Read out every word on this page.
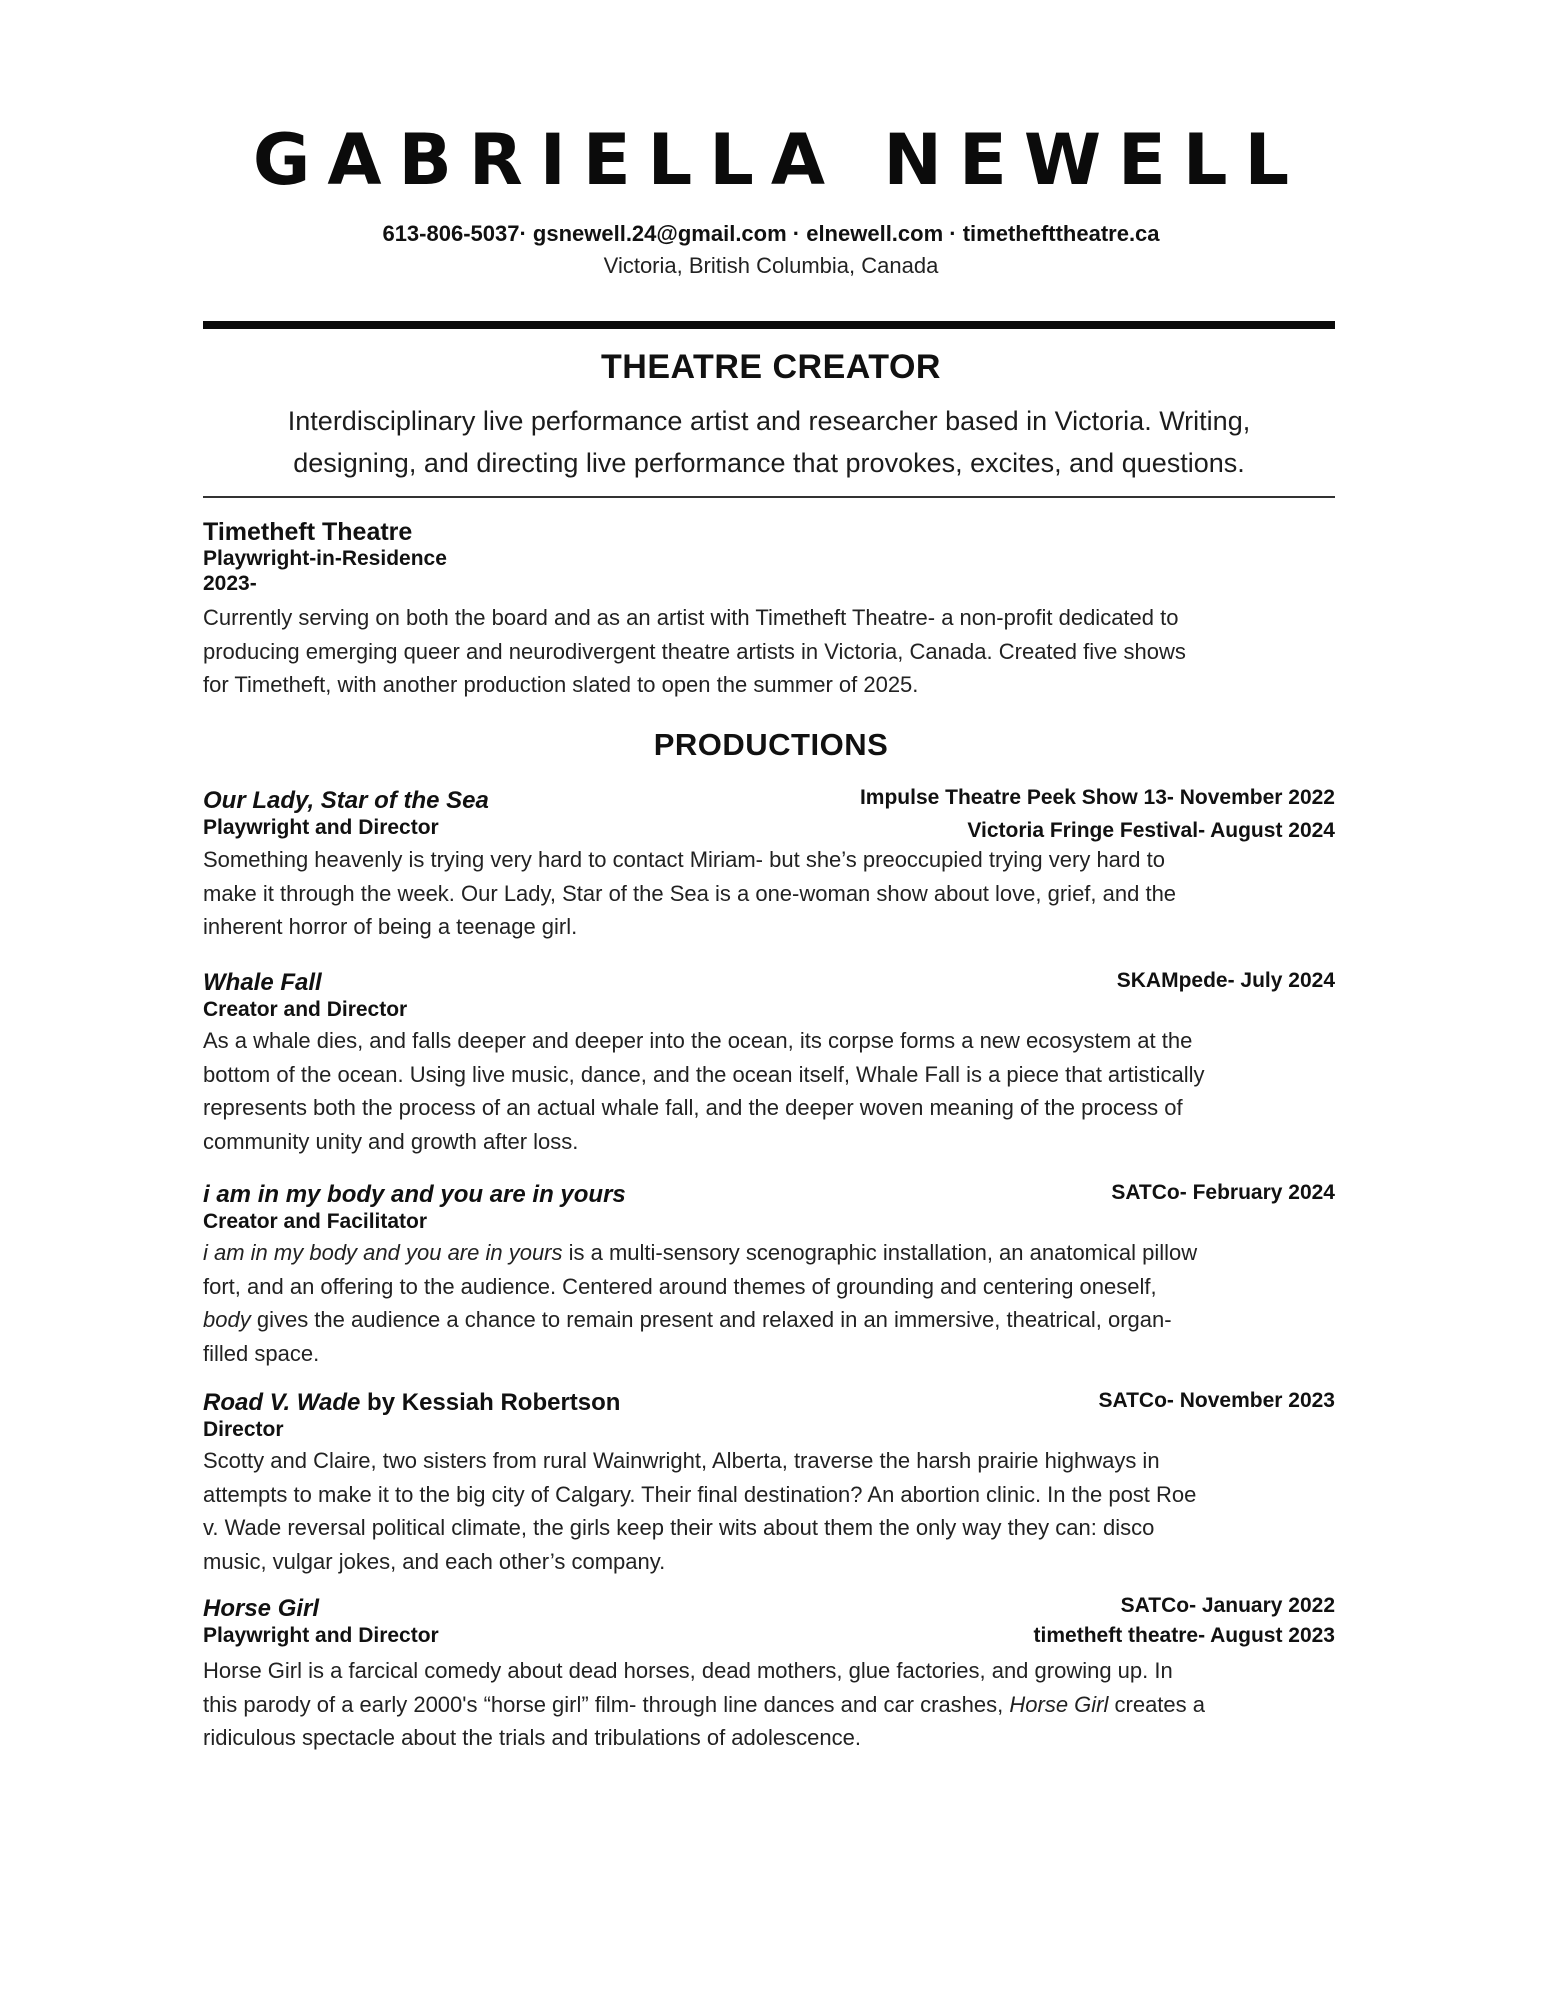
GABRIELLA NEWELL
613-806-5037· gsnewell.24@gmail.com · elnewell.com · timethefttheatre.ca
Victoria, British Columbia, Canada
THEATRE CREATOR
Interdisciplinary live performance artist and researcher based in Victoria. Writing,
designing, and directing live performance that provokes, excites, and questions.
Timetheft Theatre
Playwright-in-Residence
2023-
Currently serving on both the board and as an artist with Timetheft Theatre- a non-profit dedicated to
producing emerging queer and neurodivergent theatre artists in Victoria, Canada. Created five shows
for Timetheft, with another production slated to open the summer of 2025.
PRODUCTIONS
Our Lady, Star of the Sea	Impulse Theatre Peek Show 13- November 2022
Playwright and Director	Victoria Fringe Festival- August 2024
Something heavenly is trying very hard to contact Miriam- but she’s preoccupied trying very hard to
make it through the week. Our Lady, Star of the Sea is a one-woman show about love, grief, and the
inherent horror of being a teenage girl.
Whale Fall	SKAMpede- July 2024
Creator and Director
As a whale dies, and falls deeper and deeper into the ocean, its corpse forms a new ecosystem at the
bottom of the ocean. Using live music, dance, and the ocean itself, Whale Fall is a piece that artistically
represents both the process of an actual whale fall, and the deeper woven meaning of the process of
community unity and growth after loss.
i am in my body and you are in yours	SATCo- February 2024
Creator and Facilitator
i am in my body and you are in yours is a multi-sensory scenographic installation, an anatomical pillow
fort, and an offering to the audience. Centered around themes of grounding and centering oneself,
body gives the audience a chance to remain present and relaxed in an immersive, theatrical, organ-
filled space.
Road V. Wade by Kessiah Robertson	SATCo- November 2023
Director
Scotty and Claire, two sisters from rural Wainwright, Alberta, traverse the harsh prairie highways in
attempts to make it to the big city of Calgary. Their final destination? An abortion clinic. In the post Roe
v. Wade reversal political climate, the girls keep their wits about them the only way they can: disco
music, vulgar jokes, and each other’s company.
Horse Girl	SATCo- January 2022
Playwright and Director	timetheft theatre- August 2023
Horse Girl is a farcical comedy about dead horses, dead mothers, glue factories, and growing up. In
this parody of a early 2000's “horse girl” film- through line dances and car crashes, Horse Girl creates a
ridiculous spectacle about the trials and tribulations of adolescence.
